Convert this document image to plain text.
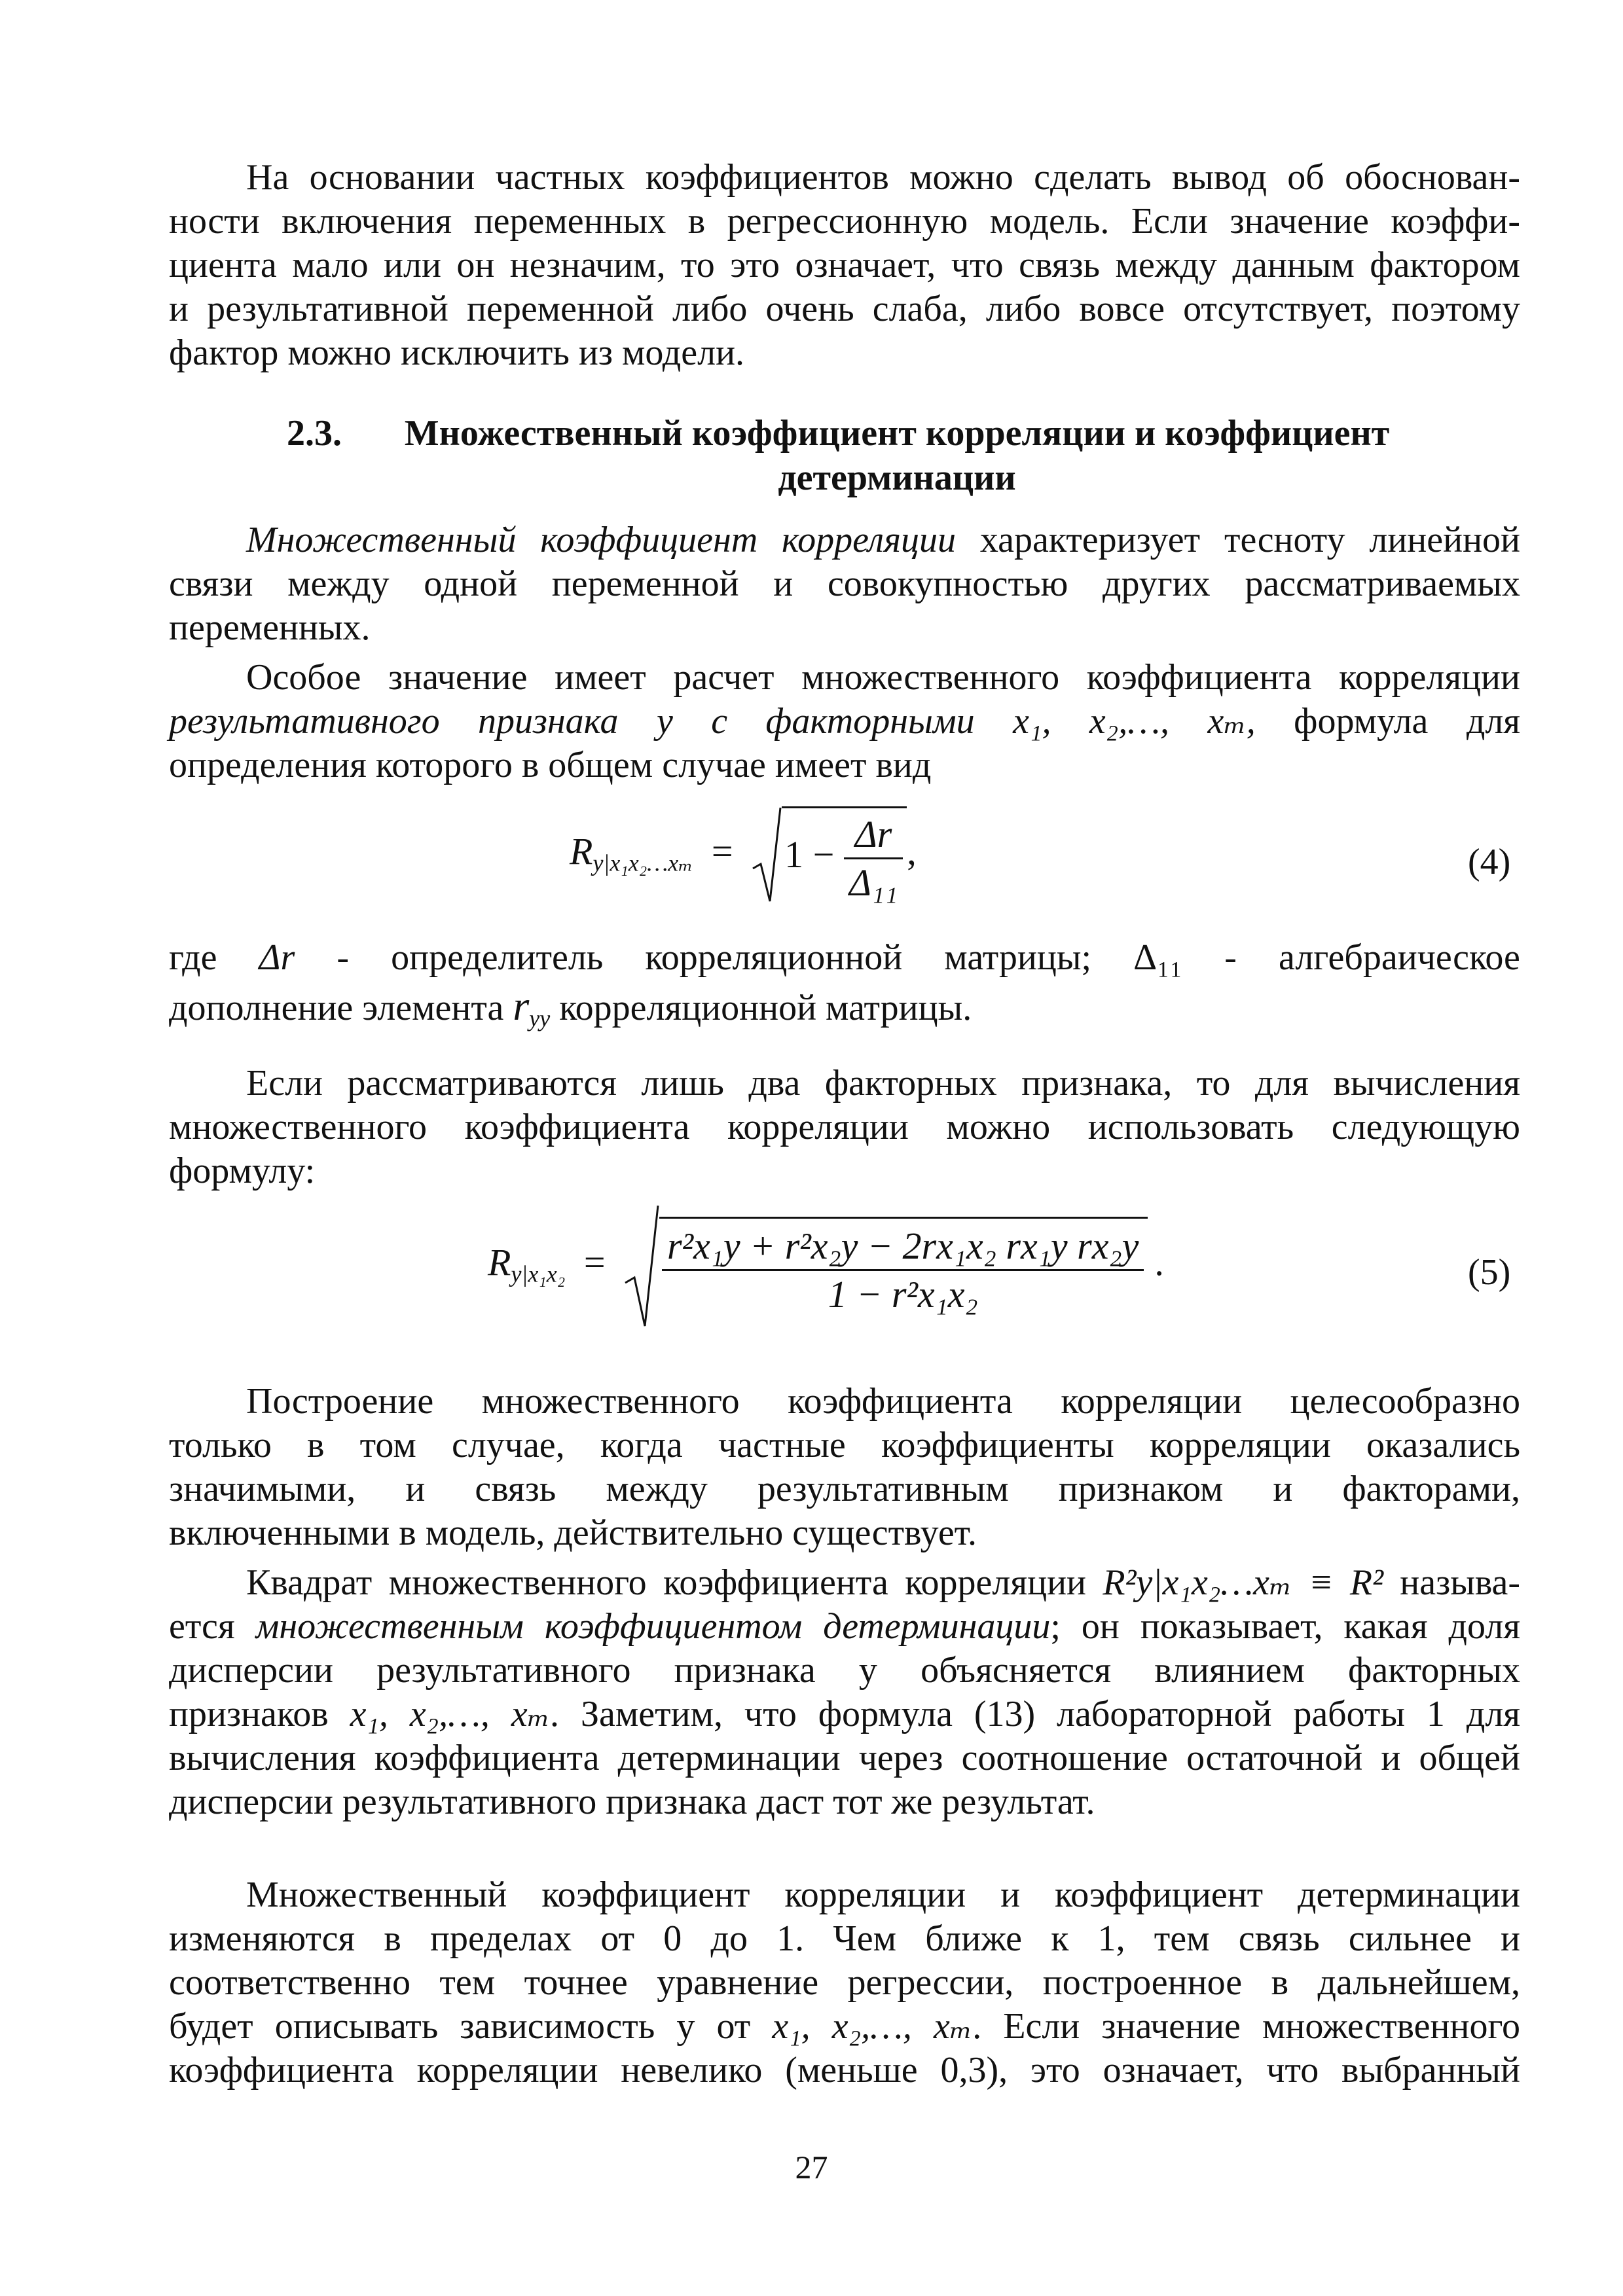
На основании частных коэффициентов можно сделать вывод об обоснован-
ности включения переменных в регрессионную модель. Если значение коэффи-
циента мало или он незначим, то это означает, что связь между данным фактором
и результативной переменной либо очень слаба, либо вовсе отсутствует, поэтому
фактор можно исключить из модели.
2.3.	Множественный коэффициент корреляции и коэффициент
детерминации
Множественный коэффициент корреляции характеризует тесноту линейной
связи между одной переменной и совокупностью других рассматриваемых
переменных.
Особое значение имеет расчет множественного коэффициента корреляции
результативного признака y с факторными x₁, x₂,…, xₘ, формула для
определения которого в общем случае имеет вид
$R_{y|x_1x_2\dots x_m} = 1 - \frac{\Delta r}{\text{Δ₁₁}}$ ,	(4)
где Δr - определитель корреляционной матрицы; Δ₁₁ - алгебраическое
дополнение элемента $r_{yy}$ корреляционной матрицы.
Если рассматриваются лишь два факторных признака, то для вычисления
множественного коэффициента корреляции можно использовать следующую
формулу:
$R_{y|x_1x_2} = \frac{\text{r²x₁y + r²x₂y − 2rx₁x₂ rx₁y rx₂y}}{\text{1 − r²x₁x₂}}$ .	(5)
Построение множественного коэффициента корреляции целесообразно
только в том случае, когда частные коэффициенты корреляции оказались
значимыми, и связь между результативным признаком и факторами,
включенными в модель, действительно существует.
Квадрат множественного коэффициента корреляции R²y|x₁x₂…xₘ ≡ R² называ-
ется множественным коэффициентом детерминации; он показывает, какая доля
дисперсии результативного признака y объясняется влиянием факторных
признаков x₁, x₂,…, xₘ. Заметим, что формула (13) лабораторной работы 1 для
вычисления коэффициента детерминации через соотношение остаточной и общей
дисперсии результативного признака даст тот же результат.
Множественный коэффициент корреляции и коэффициент детерминации
изменяются в пределах от 0 до 1. Чем ближе к 1, тем связь сильнее и
соответственно тем точнее уравнение регрессии, построенное в дальнейшем,
будет описывать зависимость y от x₁, x₂,…, xₘ. Если значение множественного
коэффициента корреляции невелико (меньше 0,3), это означает, что выбранный
27
